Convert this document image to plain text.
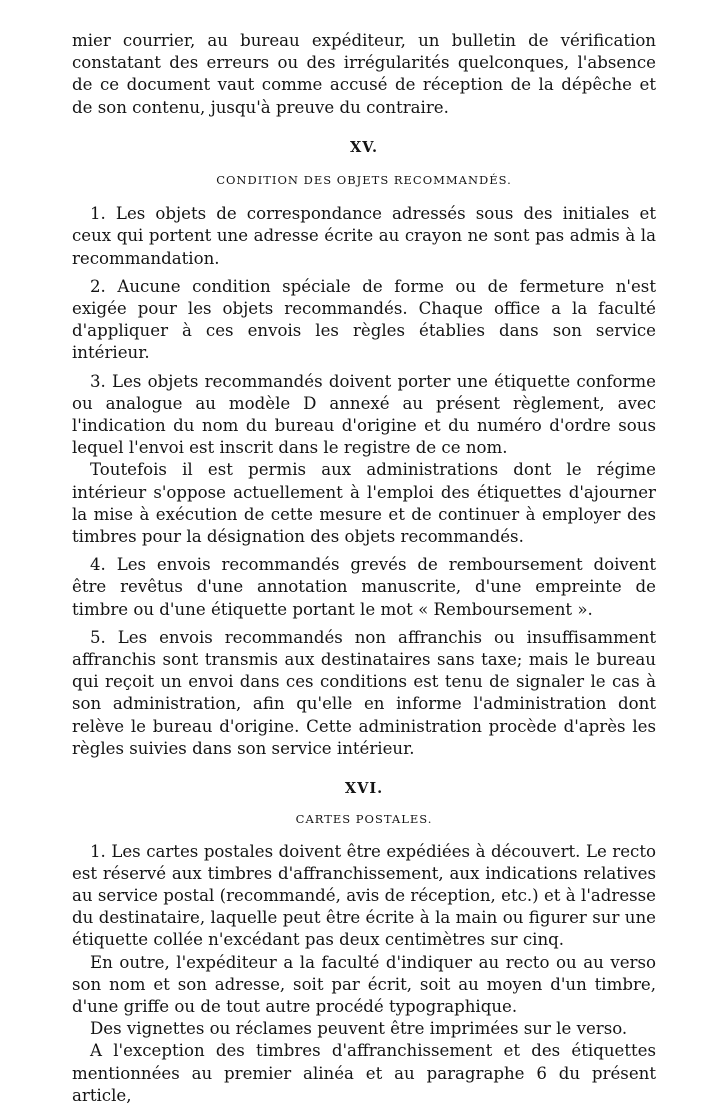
mier courrier, au bureau expéditeur, un bulletin de vérification constatant des erreurs ou des irrégularités quelconques, l'absence de ce document vaut comme accusé de réception de la dépêche et de son contenu, jusqu'à preuve du contraire.

XV.

CONDITION DES OBJETS RECOMMANDÉS.

1. Les objets de correspondance adressés sous des initiales et ceux qui portent une adresse écrite au crayon ne sont pas admis à la recommandation.

2. Aucune condition spéciale de forme ou de fermeture n'est exigée pour les objets recommandés. Chaque office a la faculté d'appliquer à ces envois les règles établies dans son service intérieur.

3. Les objets recommandés doivent porter une étiquette conforme ou analogue au modèle D annexé au présent règlement, avec l'indication du nom du bureau d'origine et du numéro d'ordre sous lequel l'envoi est inscrit dans le registre de ce nom.

Toutefois il est permis aux administrations dont le régime intérieur s'oppose actuellement à l'emploi des étiquettes d'ajourner la mise à exécution de cette mesure et de continuer à employer des timbres pour la désignation des objets recommandés.

4. Les envois recommandés grevés de remboursement doivent être revêtus d'une annotation manuscrite, d'une empreinte de timbre ou d'une étiquette portant le mot « Remboursement ».

5. Les envois recommandés non affranchis ou insuffisamment affranchis sont transmis aux destinataires sans taxe; mais le bureau qui reçoit un envoi dans ces conditions est tenu de signaler le cas à son administration, afin qu'elle en informe l'administration dont relève le bureau d'origine. Cette administration procède d'après les règles suivies dans son service intérieur.

XVI.

CARTES POSTALES.

1. Les cartes postales doivent être expédiées à découvert. Le recto est réservé aux timbres d'affranchissement, aux indications relatives au service postal (recommandé, avis de réception, etc.) et à l'adresse du destinataire, laquelle peut être écrite à la main ou figurer sur une étiquette collée n'excédant pas deux centimètres sur cinq.

En outre, l'expéditeur a la faculté d'indiquer au recto ou au verso son nom et son adresse, soit par écrit, soit au moyen d'un timbre, d'une griffe ou de tout autre procédé typographique.

Des vignettes ou réclames peuvent être imprimées sur le verso.

A l'exception des timbres d'affranchissement et des étiquettes mentionnées au premier alinéa et au paragraphe 6 du présent article,
